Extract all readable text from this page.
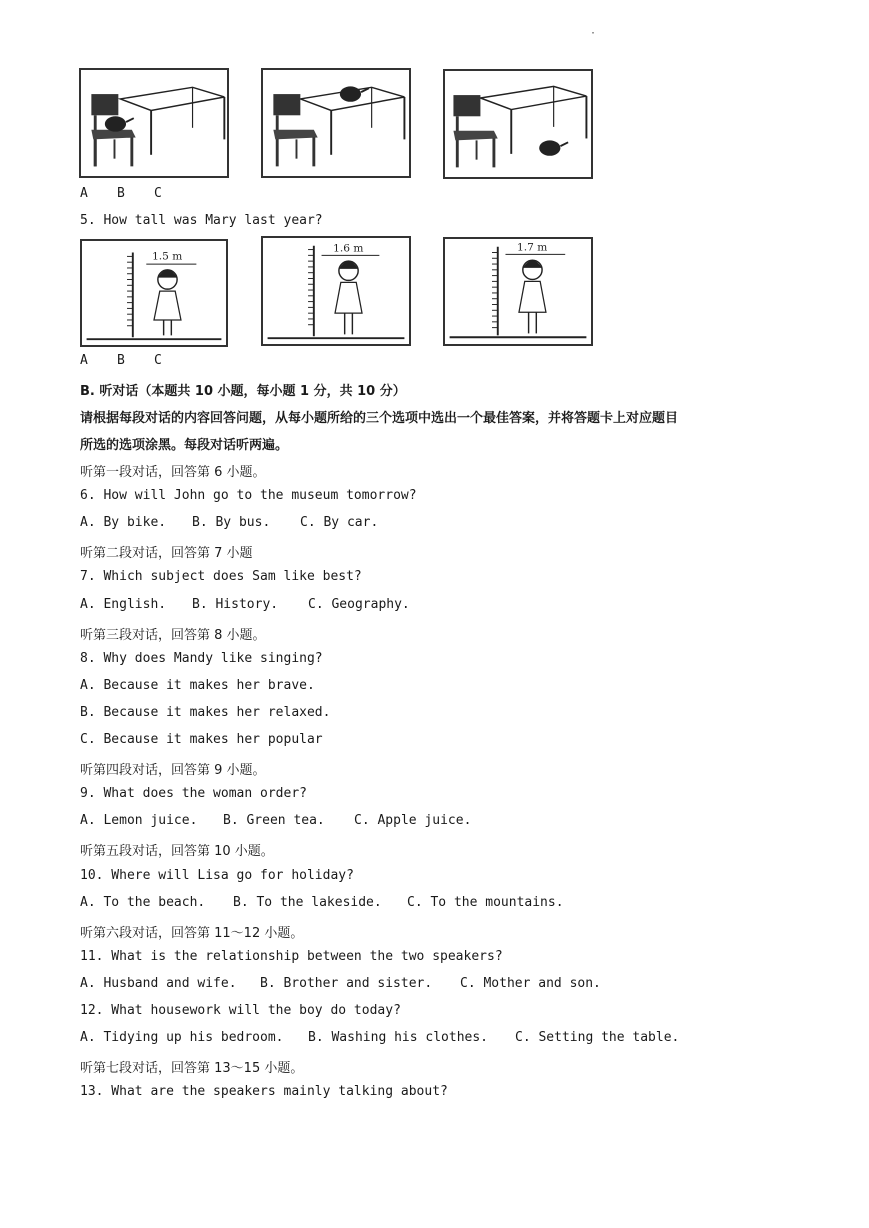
·
A B C
5. How tall was Mary last year?
1.5 m
1.6 m	1.7 m
A B C
B. 听对话（本题共 10 小题，每小题 1 分，共 10 分）
请根据每段对话的内容回答问题，从每小题所给的三个选项中选出一个最佳答案，并将答题卡上对应题目
所选的选项涂黑。每段对话听两遍。
听第一段对话，回答第 6 小题。
6. How will John go to the museum tomorrow?
A. By bike. B. By bus. C. By car.
听第二段对话，回答第 7 小题
7. Which subject does Sam like best?
A. English. B. History. C. Geography.
听第三段对话，回答第 8 小题。
8. Why does Mandy like singing?
A. Because it makes her brave.
B. Because it makes her relaxed.
C. Because it makes her popular
听第四段对话，回答第 9 小题。
9. What does the woman order?
A. Lemon juice. B. Green tea. C. Apple juice.
听第五段对话，回答第 10 小题。
10. Where will Lisa go for holiday?
A. To the beach. B. To the lakeside. C. To the mountains.
听第六段对话，回答第 11～12 小题。
11. What is the relationship between the two speakers?
A. Husband and wife. B. Brother and sister. C. Mother and son.
12. What housework will the boy do today?
A. Tidying up his bedroom. B. Washing his clothes. C. Setting the table.
听第七段对话，回答第 13～15 小题。
13. What are the speakers mainly talking about?
